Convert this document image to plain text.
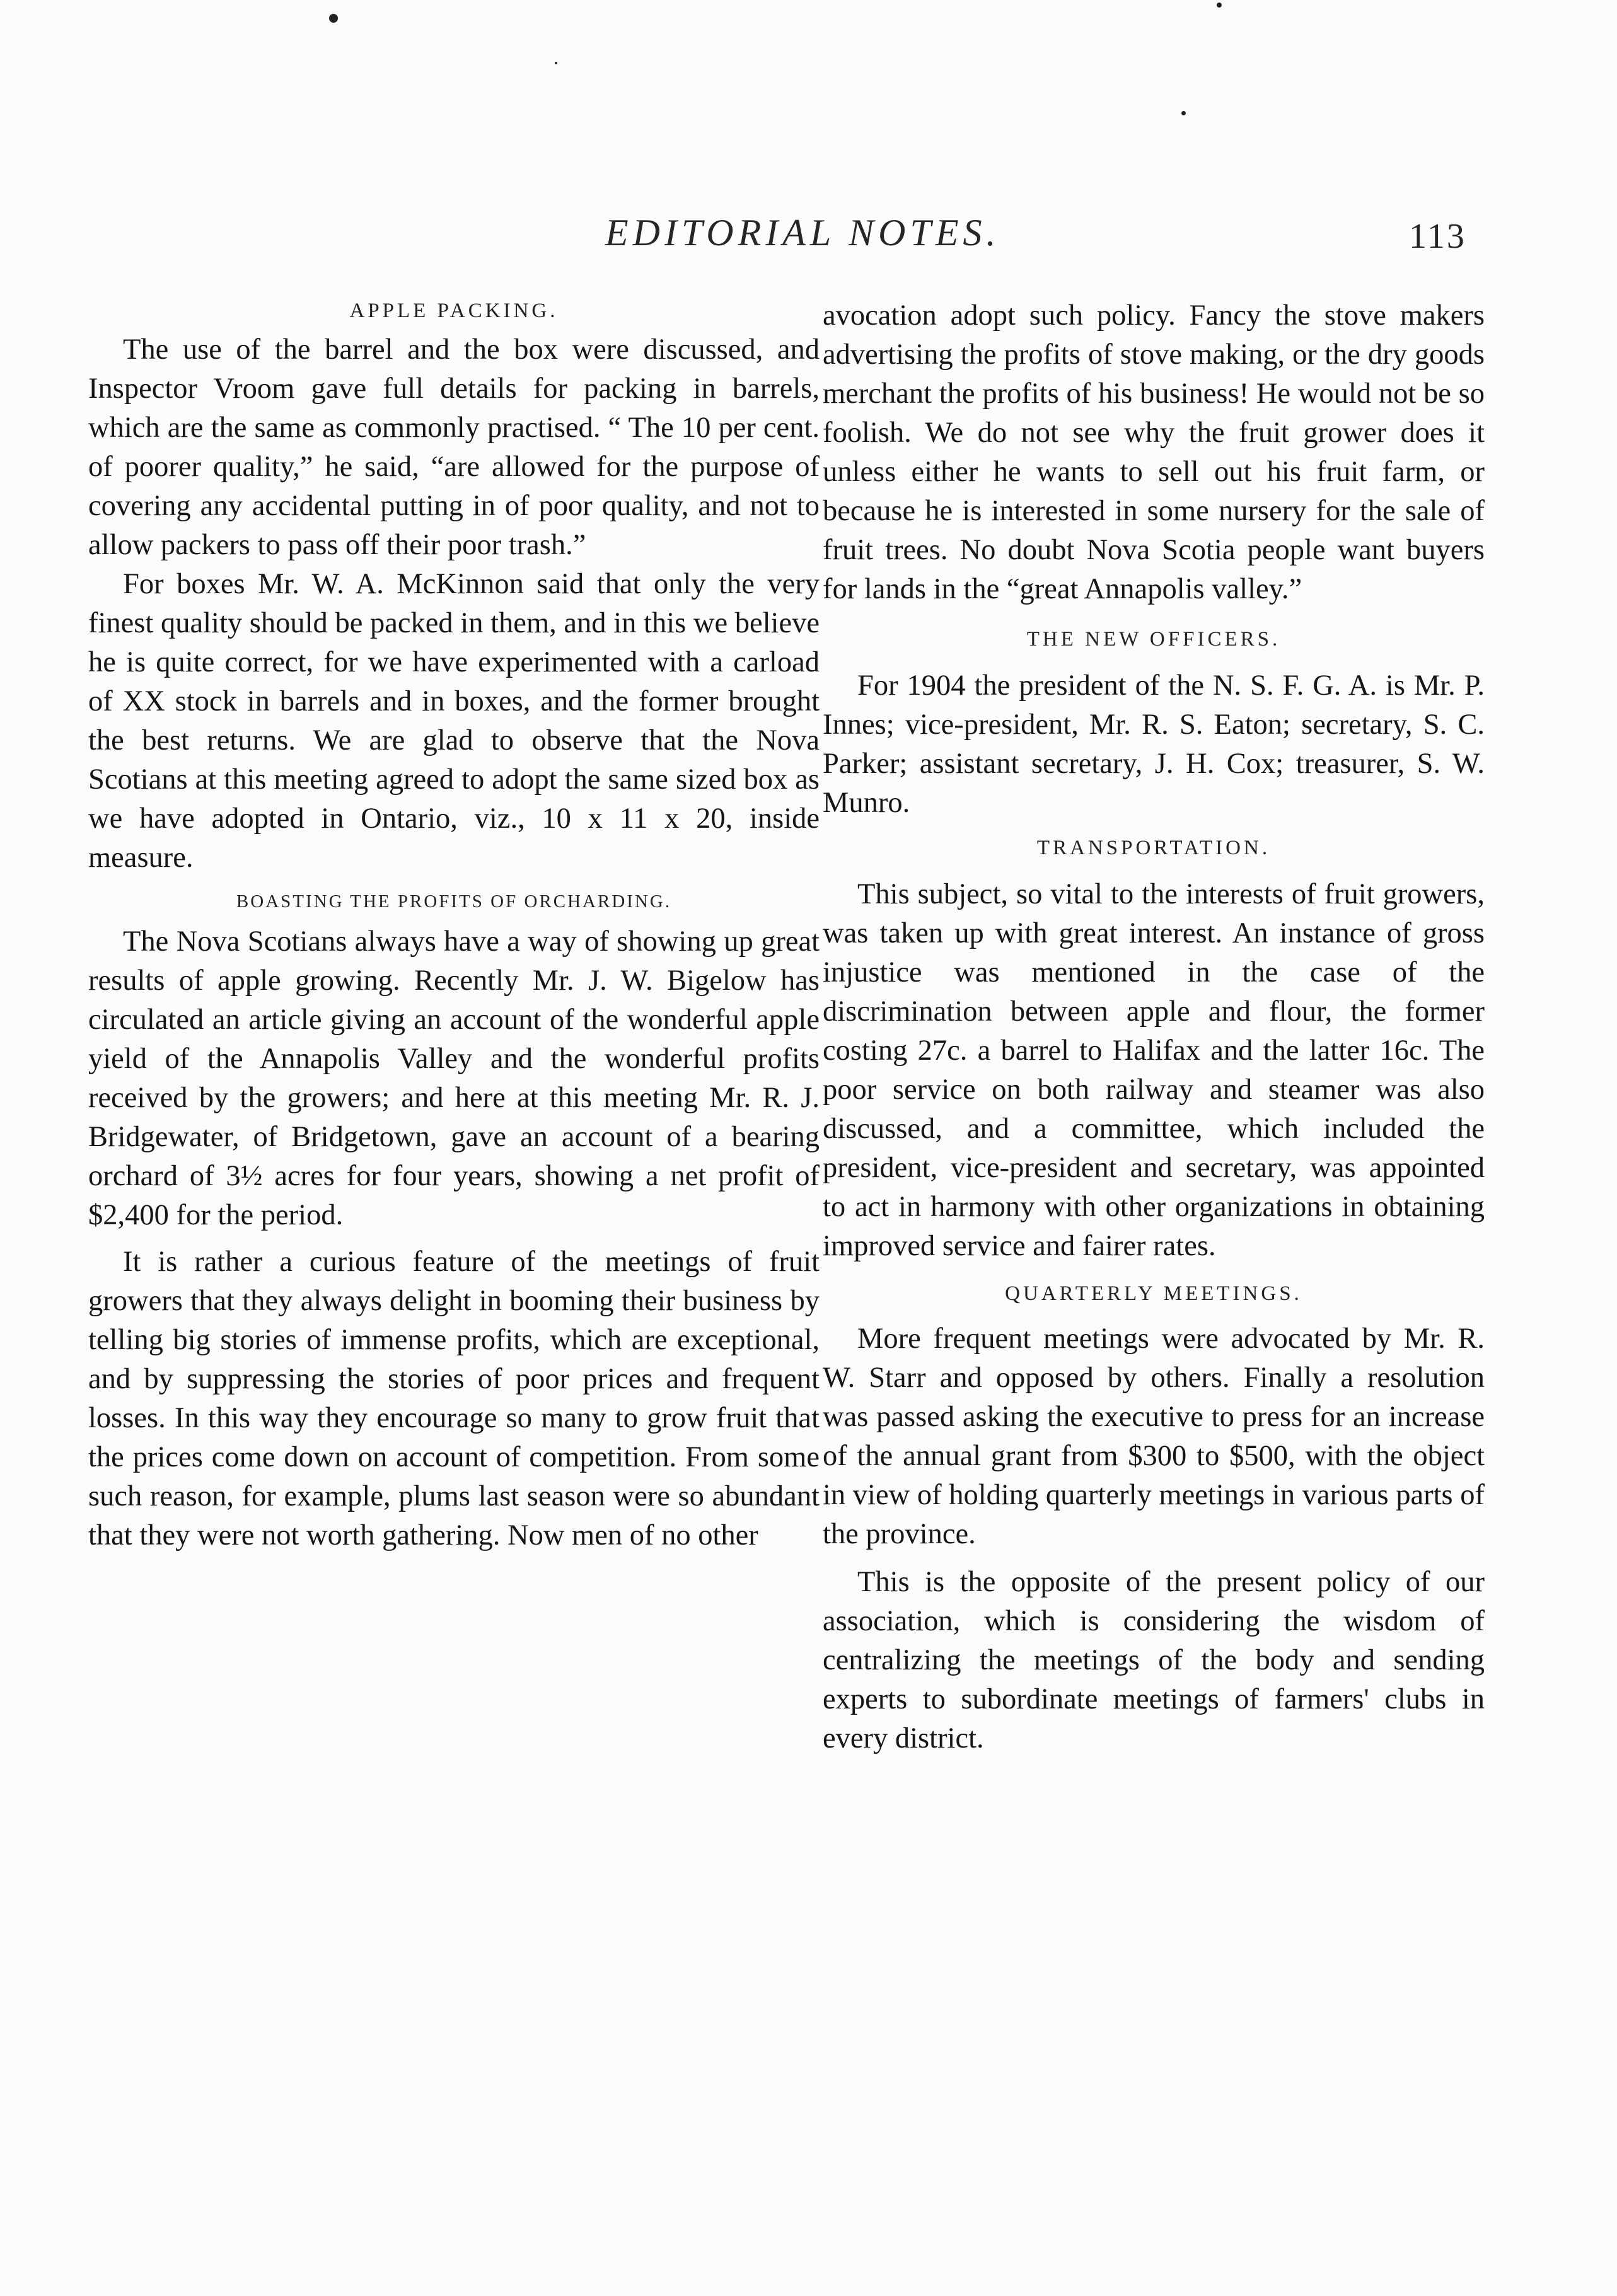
EDITORIAL NOTES.	113
APPLE PACKING.

The use of the barrel and the box were discussed, and Inspector Vroom gave full details for packing in barrels, which are the same as commonly practised. “ The 10 per cent. of poorer quality,” he said, “are allowed for the purpose of covering any accidental putting in of poor quality, and not to allow packers to pass off their poor trash.”

For boxes Mr. W. A. McKinnon said that only the very finest quality should be packed in them, and in this we believe he is quite correct, for we have experimented with a carload of XX stock in barrels and in boxes, and the former brought the best returns. We are glad to observe that the Nova Scotians at this meeting agreed to adopt the same sized box as we have adopted in Ontario, viz., 10 x 11 x 20, inside measure.

BOASTING THE PROFITS OF ORCHARDING.

The Nova Scotians always have a way of showing up great results of apple growing. Recently Mr. J. W. Bigelow has circulated an article giving an account of the wonderful apple yield of the Annapolis Valley and the wonderful profits received by the growers; and here at this meeting Mr. R. J. Bridgewater, of Bridgetown, gave an account of a bearing orchard of 3½ acres for four years, showing a net profit of $2,400 for the period.

It is rather a curious feature of the meetings of fruit growers that they always delight in booming their business by telling big stories of immense profits, which are exceptional, and by suppressing the stories of poor prices and frequent losses. In this way they encourage so many to grow fruit that the prices come down on account of competition. From some such reason, for example, plums last season were so abundant that they were not worth gathering. Now men of no other

avocation adopt such policy. Fancy the stove makers advertising the profits of stove making, or the dry goods merchant the profits of his business! He would not be so foolish. We do not see why the fruit grower does it unless either he wants to sell out his fruit farm, or because he is interested in some nursery for the sale of fruit trees. No doubt Nova Scotia people want buyers for lands in the “great Annapolis valley.”

THE NEW OFFICERS.

For 1904 the president of the N. S. F. G. A. is Mr. P. Innes; vice-president, Mr. R. S. Eaton; secretary, S. C. Parker; assistant secretary, J. H. Cox; treasurer, S. W. Munro.

TRANSPORTATION.

This subject, so vital to the interests of fruit growers, was taken up with great interest. An instance of gross injustice was mentioned in the case of the discrimination between apple and flour, the former costing 27c. a barrel to Halifax and the latter 16c. The poor service on both railway and steamer was also discussed, and a committee, which included the president, vice-president and secretary, was appointed to act in harmony with other organizations in obtaining improved service and fairer rates.

QUARTERLY MEETINGS.

More frequent meetings were advocated by Mr. R. W. Starr and opposed by others. Finally a resolution was passed asking the executive to press for an increase of the annual grant from $300 to $500, with the object in view of holding quarterly meetings in various parts of the province.

This is the opposite of the present policy of our association, which is considering the wisdom of centralizing the meetings of the body and sending experts to subordinate meetings of farmers' clubs in every district.
